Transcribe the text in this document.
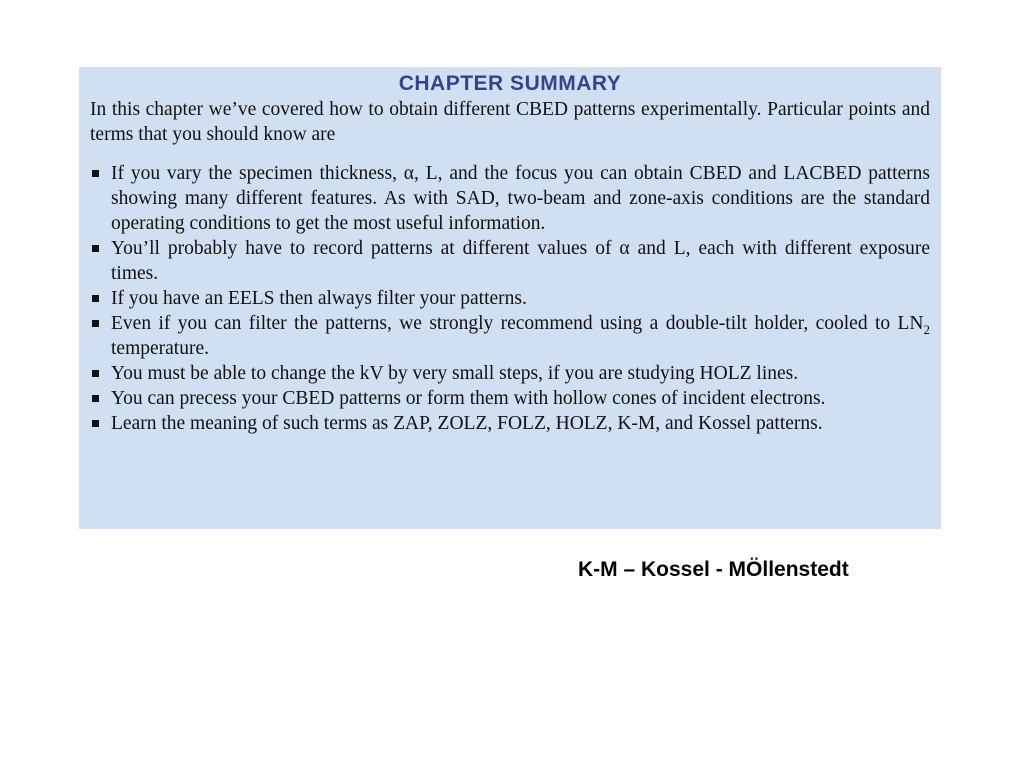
CHAPTER SUMMARY

In this chapter we’ve covered how to obtain different CBED patterns experimentally. Particular points and terms that you should know are

If you vary the specimen thickness, α, L, and the focus you can obtain CBED and LACBED patterns showing many different features. As with SAD, two-beam and zone-axis conditions are the standard operating conditions to get the most useful information.
You’ll probably have to record patterns at different values of α and L, each with different exposure times.
If you have an EELS then always filter your patterns.
Even if you can filter the patterns, we strongly recommend using a double-tilt holder, cooled to $LN_2$ temperature.
You must be able to change the kV by very small steps, if you are studying HOLZ lines.
You can precess your CBED patterns or form them with hollow cones of incident electrons.
Learn the meaning of such terms as ZAP, ZOLZ, FOLZ, HOLZ, K-M, and Kossel patterns.
K-M – Kossel - MÖllenstedt
